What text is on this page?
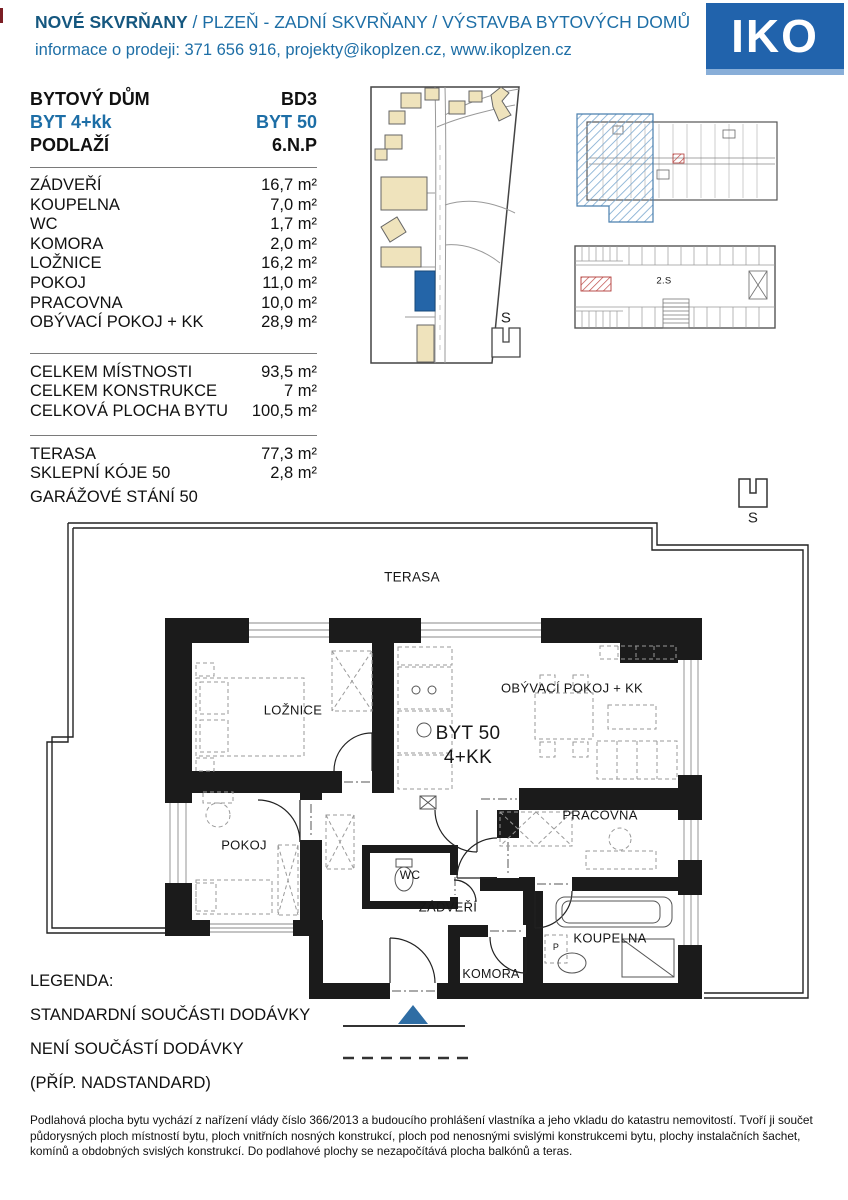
NOVÉ SKVRŇANY / PLZEŇ - ZADNÍ SKVRŇANY / VÝSTAVBA BYTOVÝCH DOMŮ
informace o prodeji: 371 656 916, projekty@ikoplzen.cz, www.ikoplzen.cz	IKO
BYTOVÝ DŮM	BD3
BYT 4+kk	BYT 50
PODLAŽÍ	6.N.P
ZÁDVEŘÍ	16,7 m²
KOUPELNA	7,0 m²
WC	1,7 m²
KOMORA	2,0 m²
LOŽNICE	16,2 m²
POKOJ	11,0 m²
PRACOVNA	10,0 m²
OBÝVACÍ POKOJ + KK	28,9 m²
CELKEM MÍSTNOSTI	93,5 m²
CELKEM KONSTRUKCE	7 m²
CELKOVÁ PLOCHA BYTU 100,5 m²
TERASA	77,3 m²
SKLEPNÍ KÓJE 50	2,8 m²
GARÁŽOVÉ STÁNÍ 50
S
2.S
S
TERASA
LOŽNICE
OBÝVACÍ POKOJ + KK
BYT 50
4+KK
POKOJ
WC
PRACOVNA
ZÁDVEŘÍ
KOMORA
KOUPELNA
P
LEGENDA:
STANDARDNÍ SOUČÁSTI DODÁVKY
NENÍ SOUČÁSTÍ DODÁVKY
(PŘÍP. NADSTANDARD)
Podlahová plocha bytu vychází z nařízení vlády číslo 366/2013 a budoucího prohlášení vlastníka a jeho vkladu do katastru nemovitostí. Tvoří ji součet půdorysných ploch místností bytu, ploch vnitřních nosných konstrukcí, ploch pod nenosnými svislými konstrukcemi bytu, plochy instalačních šachet, komínů a obdobných svislých konstrukcí. Do podlahové plochy se nezapočítává plocha balkónů a teras.
